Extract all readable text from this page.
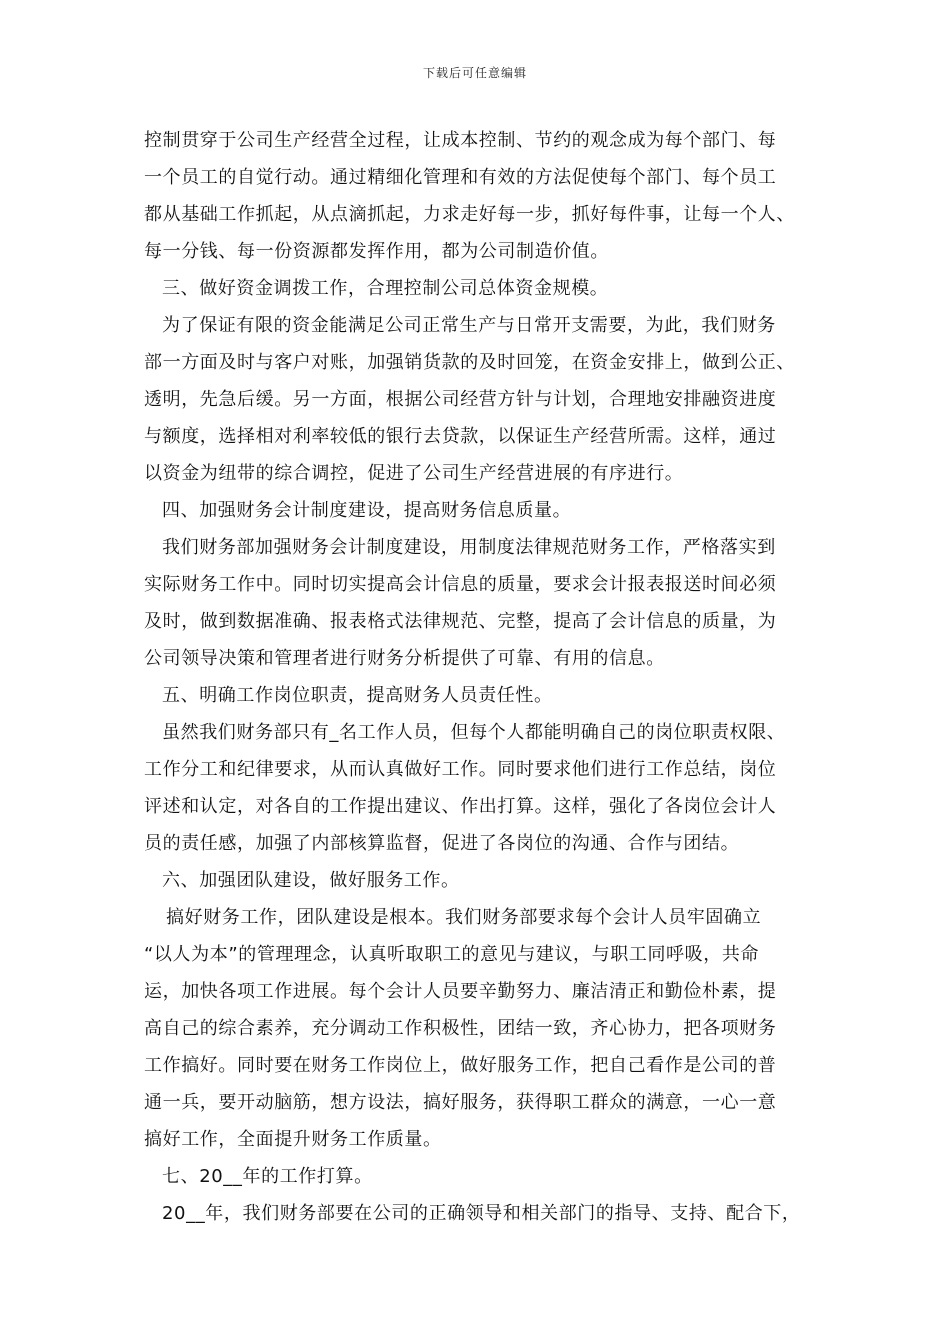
下载后可任意编辑
控制贯穿于公司生产经营全过程，让成本控制、节约的观念成为每个部门、每
一个员工的自觉行动。通过精细化管理和有效的方法促使每个部门、每个员工
都从基础工作抓起，从点滴抓起，力求走好每一步，抓好每件事，让每一个人、
每一分钱、每一份资源都发挥作用，都为公司制造价值。
三、做好资金调拨工作，合理控制公司总体资金规模。
为了保证有限的资金能满足公司正常生产与日常开支需要，为此，我们财务
部一方面及时与客户对账，加强销货款的及时回笼，在资金安排上，做到公正、
透明，先急后缓。另一方面，根据公司经营方针与计划，合理地安排融资进度
与额度，选择相对利率较低的银行去贷款，以保证生产经营所需。这样，通过
以资金为纽带的综合调控，促进了公司生产经营进展的有序进行。
四、加强财务会计制度建设，提高财务信息质量。
我们财务部加强财务会计制度建设，用制度法律规范财务工作，严格落实到
实际财务工作中。同时切实提高会计信息的质量，要求会计报表报送时间必须
及时，做到数据准确、报表格式法律规范、完整，提高了会计信息的质量，为
公司领导决策和管理者进行财务分析提供了可靠、有用的信息。
五、明确工作岗位职责，提高财务人员责任性。
虽然我们财务部只有_名工作人员，但每个人都能明确自己的岗位职责权限、
工作分工和纪律要求，从而认真做好工作。同时要求他们进行工作总结，岗位
评述和认定，对各自的工作提出建议、作出打算。这样，强化了各岗位会计人
员的责任感，加强了内部核算监督，促进了各岗位的沟通、合作与团结。
六、加强团队建设，做好服务工作。
搞好财务工作，团队建设是根本。我们财务部要求每个会计人员牢固确立
“以人为本”的管理理念，认真听取职工的意见与建议，与职工同呼吸，共命
运，加快各项工作进展。每个会计人员要辛勤努力、廉洁清正和勤俭朴素，提
高自己的综合素养，充分调动工作积极性，团结一致，齐心协力，把各项财务
工作搞好。同时要在财务工作岗位上，做好服务工作，把自己看作是公司的普
通一兵，要开动脑筋，想方设法，搞好服务，获得职工群众的满意，一心一意
搞好工作，全面提升财务工作质量。
七、20__年的工作打算。
20__年，我们财务部要在公司的正确领导和相关部门的指导、支持、配合下，
